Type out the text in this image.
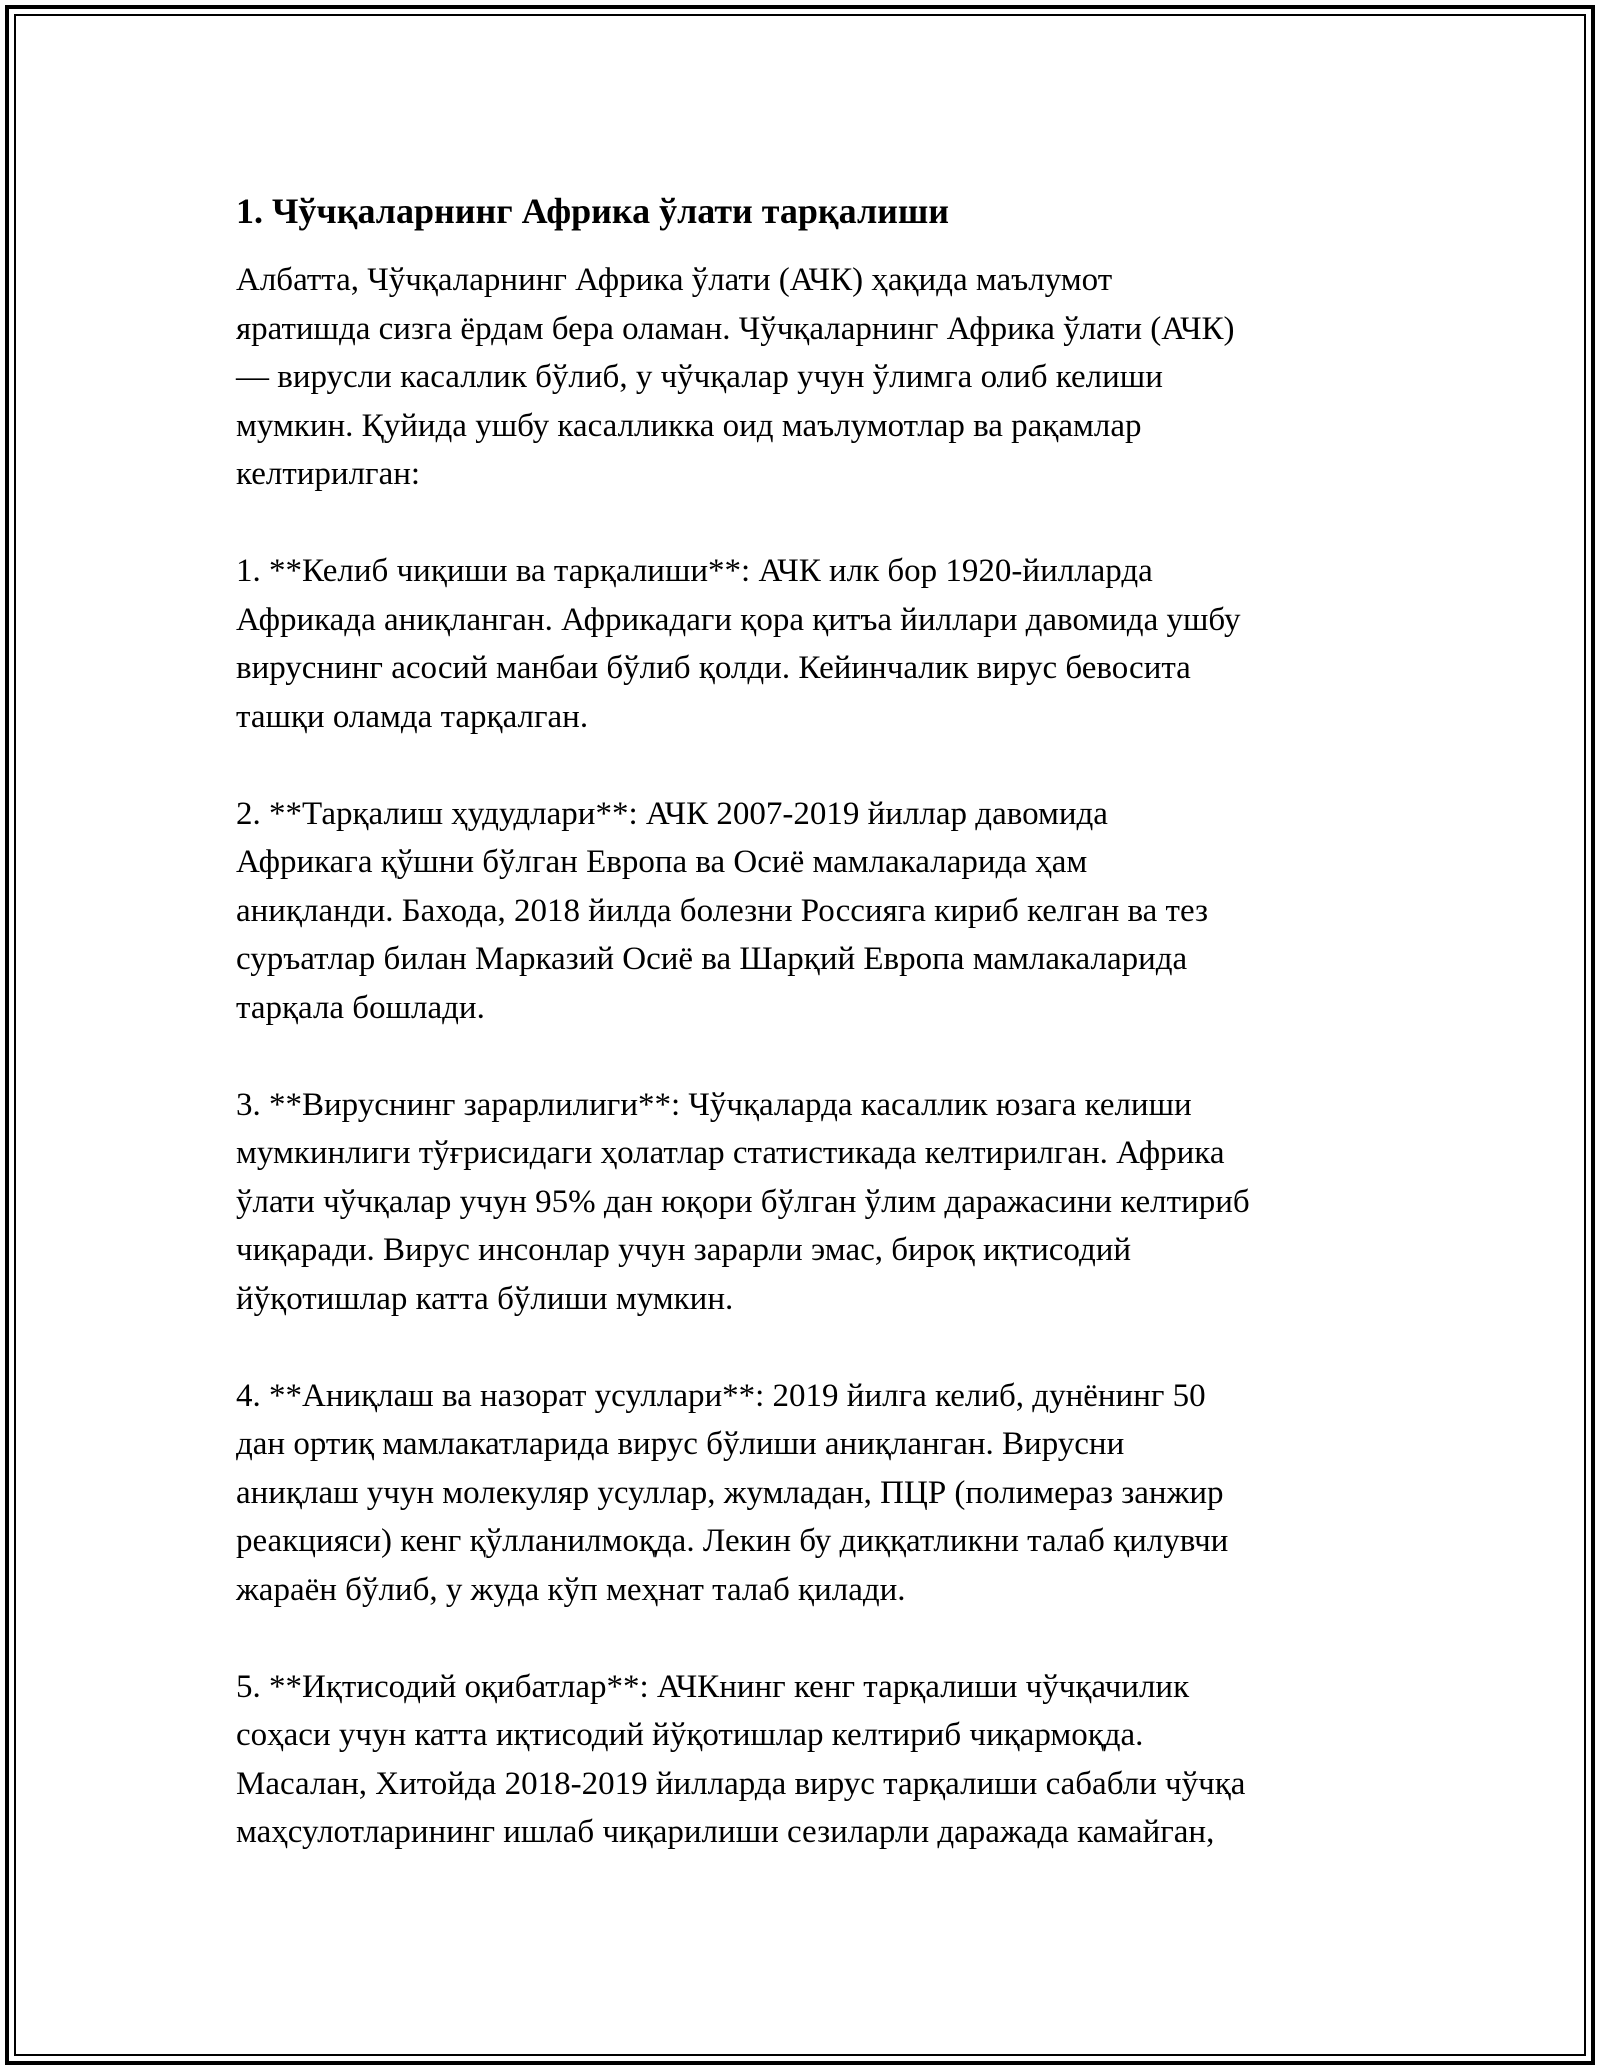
1. Чўчқаларнинг Африка ўлати тарқалиши

Албатта, Чўчқаларнинг Африка ўлати (АЧК) ҳақида маълумот
яратишда сизга ёрдам бера оламан. Чўчқаларнинг Африка ўлати (АЧК)
— вирусли касаллик бўлиб, у чўчқалар учун ўлимга олиб келиши
мумкин. Қуйида ушбу касалликка оид маълумотлар ва рақамлар
келтирилган:

1. **Келиб чиқиши ва тарқалиши**: АЧК илк бор 1920-йилларда
Африкада аниқланган. Африкадаги қора қитъа йиллари давомида ушбу
вируснинг асосий манбаи бўлиб қолди. Кейинчалик вирус бевосита
ташқи оламда тарқалган.

2. **Тарқалиш ҳудудлари**: АЧК 2007-2019 йиллар давомида
Африкага қўшни бўлган Европа ва Осиё мамлакаларида ҳам
аниқланди. Бахода, 2018 йилда болезни Россияга кириб келган ва тез
суръатлар билан Марказий Осиё ва Шарқий Европа мамлакаларида
тарқала бошлади.

3. **Вируснинг зарарлилиги**: Чўчқаларда касаллик юзага келиши
мумкинлиги тўғрисидаги ҳолатлар статистикада келтирилган. Африка
ўлати чўчқалар учун 95% дан юқори бўлган ўлим даражасини келтириб
чиқаради. Вирус инсонлар учун зарарли эмас, бироқ иқтисодий
йўқотишлар катта бўлиши мумкин.

4. **Аниқлаш ва назорат усуллари**: 2019 йилга келиб, дунёнинг 50
дан ортиқ мамлакатларида вирус бўлиши аниқланган. Вирусни
аниқлаш учун молекуляр усуллар, жумладан, ПЦР (полимераз занжир
реакцияси) кенг қўлланилмоқда. Лекин бу диққатликни талаб қилувчи
жараён бўлиб, у жуда кўп меҳнат талаб қилади.

5. **Иқтисодий оқибатлар**: АЧКнинг кенг тарқалиши чўчқачилик
соҳаси учун катта иқтисодий йўқотишлар келтириб чиқармоқда.
Масалан, Хитойда 2018-2019 йилларда вирус тарқалиши сабабли чўчқа
маҳсулотларининг ишлаб чиқарилиши сезиларли даражада камайган,
